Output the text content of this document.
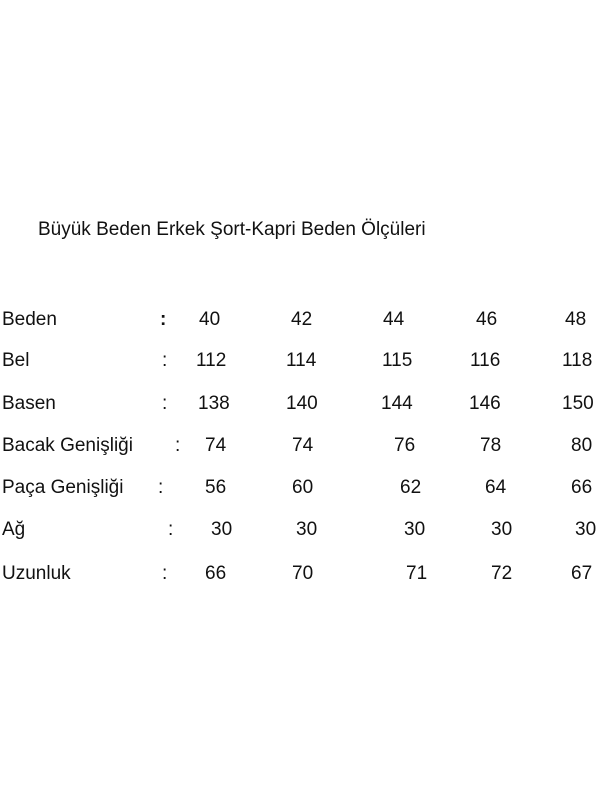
Büyük Beden Erkek Şort-Kapri Beden Ölçüleri
Beden	: 40	42	44	46	48
Bel	: 112	114	115	116	118
Basen	: 138	140	144	146	150
Bacak Genişliği : 74	74	76	78	80
Paça Genişliği : 56	60	62	64	66
Ağ	: 30	30	30	30	30
Uzunluk	: 66	70	71	72	67
